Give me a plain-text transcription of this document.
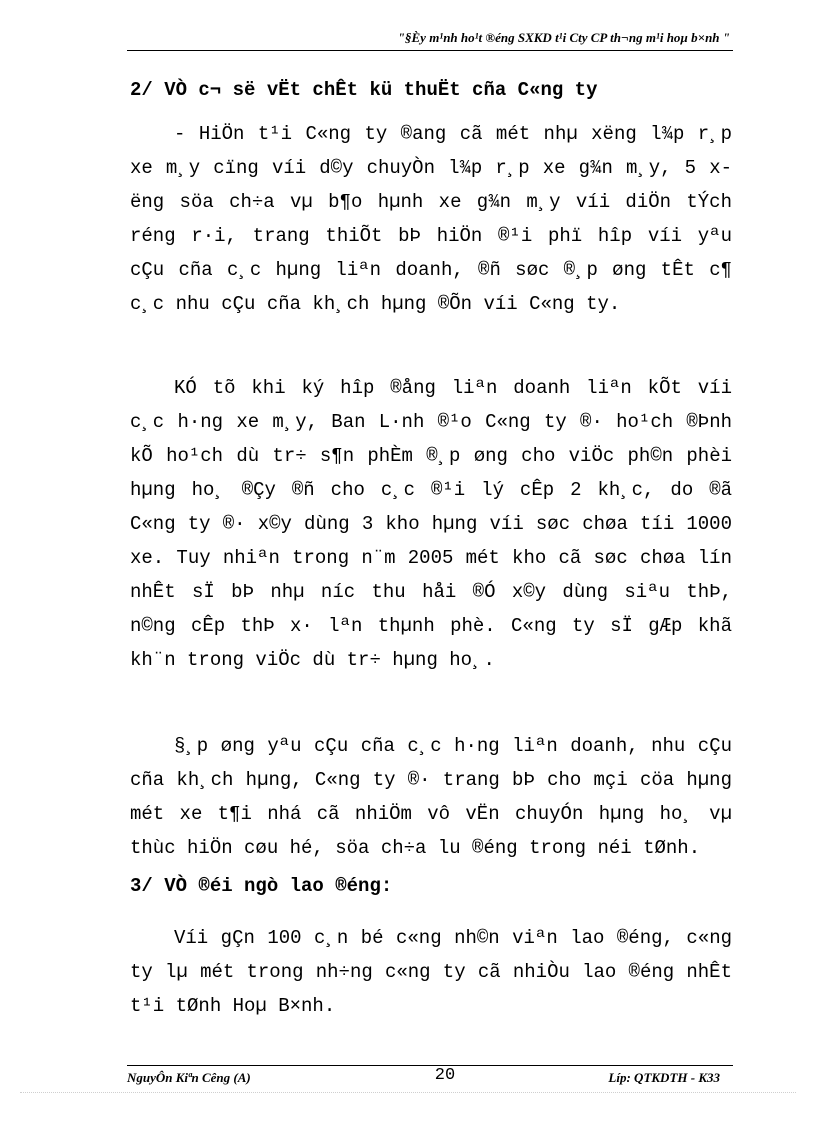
"§Èy m¹nh ho¹t ®éng SXKD t¹i Cty CP th¬ng m¹i hoµ b×nh "
2/ VÒ c¬ së vËt chÊt kü thuËt cña C«ng ty
- HiÖn t¹i C«ng ty ®ang cã mét nhµ xëng l¾p r¸p xe m¸y cïng víi d©y chuyÒn l¾p r¸p xe g¾n m¸y, 5 xëng söa ch÷a vµ b¶o hµnh xe g¾n m¸y víi diÖn tÝch réng r·i, trang thiÕt bÞ hiÖn ®¹i phï hîp víi yªu cÇu cña c¸c hµng liªn doanh, ®ñ søc ®¸p øng tÊt c¶ c¸c nhu cÇu cña kh¸ch hµng ®Õn víi C«ng ty.
KÓ tõ khi ký hîp ®ång liªn doanh liªn kÕt víi c¸c h·ng xe m¸y, Ban L·nh ®¹o C«ng ty ®· ho¹ch ®Þnh kÕ ho¹ch dù tr÷ s¶n phÈm ®¸p øng cho viÖc ph©n phèi hµng ho¸ ®Çy ®ñ cho c¸c ®¹i lý cÊp 2 kh¸c, do ®ã C«ng ty ®· x©y dùng 3 kho hµng víi søc chøa tíi 1000 xe. Tuy nhiªn trong n¨m 2005 mét kho cã søc chøa lín nhÊt sÏ bÞ nhµ níc thu håi ®Ó x©y dùng siªu thÞ, n©ng cÊp thÞ x· lªn thµnh phè. C«ng ty sÏ gÆp khã kh¨n trong viÖc dù tr÷ hµng ho¸.
§¸p øng yªu cÇu cña c¸c h·ng liªn doanh, nhu cÇu cña kh¸ch hµng, C«ng ty ®· trang bÞ cho mçi cöa hµng mét xe t¶i nhá cã nhiÖm vô vËn chuyÓn hµng ho¸ vµ thùc hiÖn cøu hé, söa ch÷a lu ®éng trong néi tØnh.
3/ VÒ ®éi ngò lao ®éng:
Víi gÇn 100 c¸n bé c«ng nh©n viªn lao ®éng, c«ng ty lµ mét trong nh÷ng c«ng ty cã nhiÒu lao ®éng nhÊt t¹i tØnh Hoµ B×nh.
NguyÔn Kiªn Cêng (A)	20	Líp: QTKDTH - K33
